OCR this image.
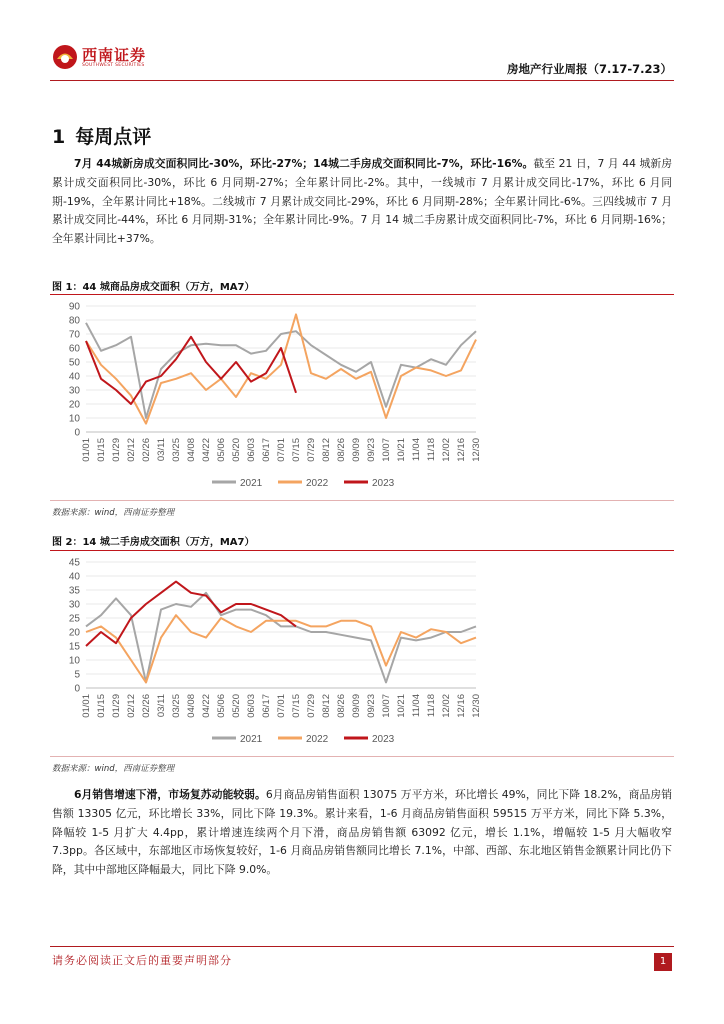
西南证券
SOUTHWEST SECURITIES	房地产行业周报（7.17-7.23）
1 每周点评
7月 44城新房成交面积同比-30%，环比-27%；14城二手房成交面积同比-7%，环比-16%。截至 21 日，7 月 44 城新房累计成交面积同比-30%，环比 6 月同期-27%；全年累计同比-2%。其中，一线城市 7 月累计成交同比-17%，环比 6 月同期-19%，全年累计同比+18%。二线城市 7 月累计成交同比-29%，环比 6 月同期-28%；全年累计同比-6%。三四线城市 7 月累计成交同比-44%，环比 6 月同期-31%；全年累计同比-9%。7 月 14 城二手房累计成交面积同比-7%，环比 6 月同期-16%；全年累计同比+37%。
图 1：44 城商品房成交面积（万方，MA7）
0
10
20
30
40
50
60
70
80
90
01/01 01/15 01/29 02/12 02/26 03/11 03/25 04/08 04/22 05/06 05/20 06/03 06/17 07/01 07/15 07/29 08/12 08/26 09/09 09/23 10/07 10/21 11/04 11/18 12/02 12/16 12/30
2021	2022	2023
数据来源：wind，西南证券整理
图 2：14 城二手房成交面积（万方，MA7）
0
5
10
15
20
25
30
35
40
45
01/01 01/15 01/29 02/12 02/26 03/11 03/25 04/08 04/22 05/06 05/20 06/03 06/17 07/01 07/15 07/29 08/12 08/26 09/09 09/23 10/07 10/21 11/04 11/18 12/02 12/16 12/30
2021	2022	2023
数据来源：wind，西南证券整理
6月销售增速下滑，市场复苏动能较弱。6月商品房销售面积 13075 万平方米，环比增长 49%，同比下降 18.2%，商品房销售额 13305 亿元，环比增长 33%，同比下降 19.3%。累计来看，1-6 月商品房销售面积 59515 万平方米，同比下降 5.3%，降幅较 1-5 月扩大 4.4pp，累计增速连续两个月下滑，商品房销售额 63092 亿元，增长 1.1%，增幅较 1-5 月大幅收窄 7.3pp。各区域中，东部地区市场恢复较好，1-6 月商品房销售额同比增长 7.1%，中部、西部、东北地区销售金额累计同比仍下降，其中中部地区降幅最大，同比下降 9.0%。
请务必阅读正文后的重要声明部分	1
